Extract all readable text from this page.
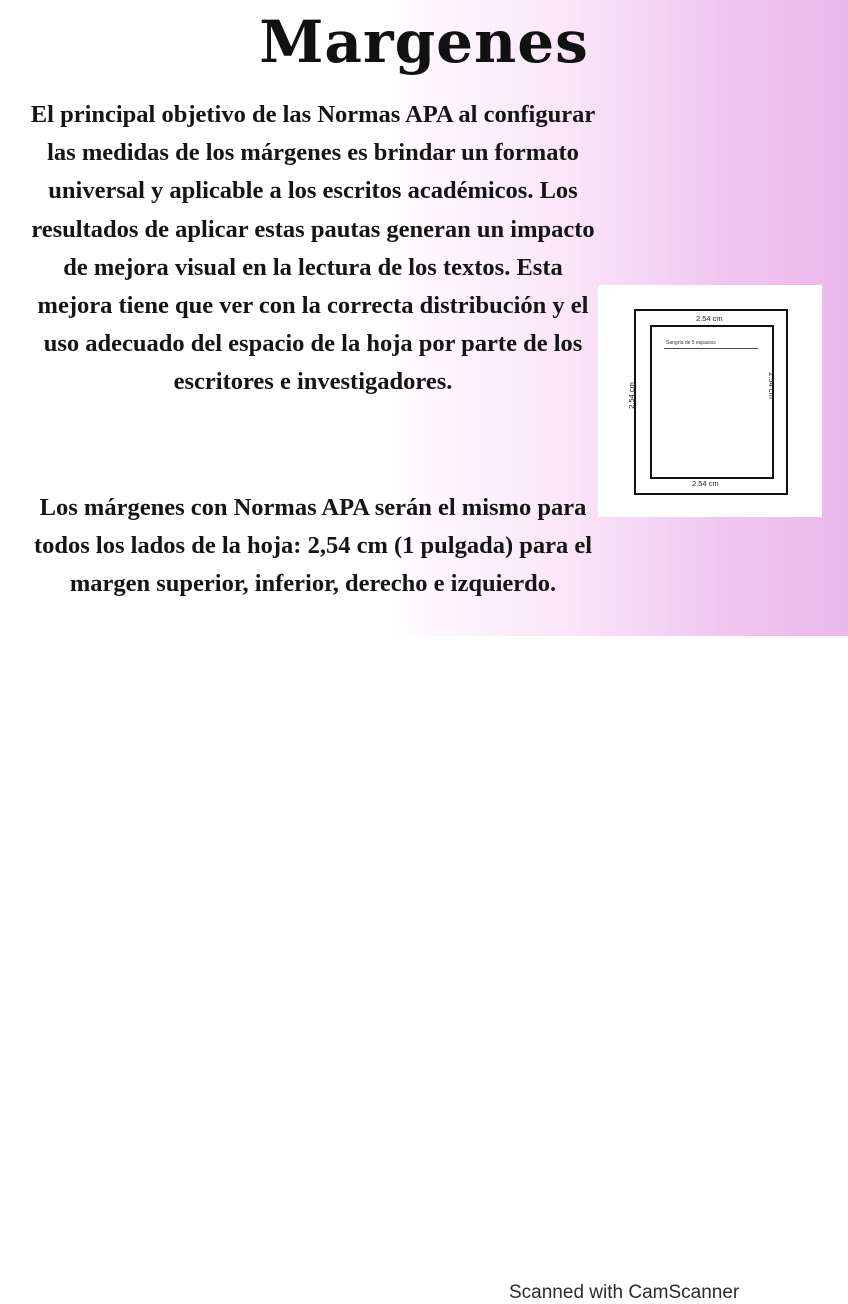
Margenes
El principal objetivo de las Normas APA al configurar las medidas de los márgenes es brindar un formato universal y aplicable a los escritos académicos. Los resultados de aplicar estas pautas generan un impacto de mejora visual en la lectura de los textos. Esta mejora tiene que ver con la correcta distribución y el uso adecuado del espacio de la hoja por parte de los escritores e investigadores.
Los márgenes con Normas APA serán el mismo para todos los lados de la hoja: 2,54 cm (1 pulgada) para el margen superior, inferior, derecho e izquierdo.
2.54 cm
2.54 cm
2.54 cm	2.54 cm
Sangría de 5 espacios
Scanned with CamScanner
